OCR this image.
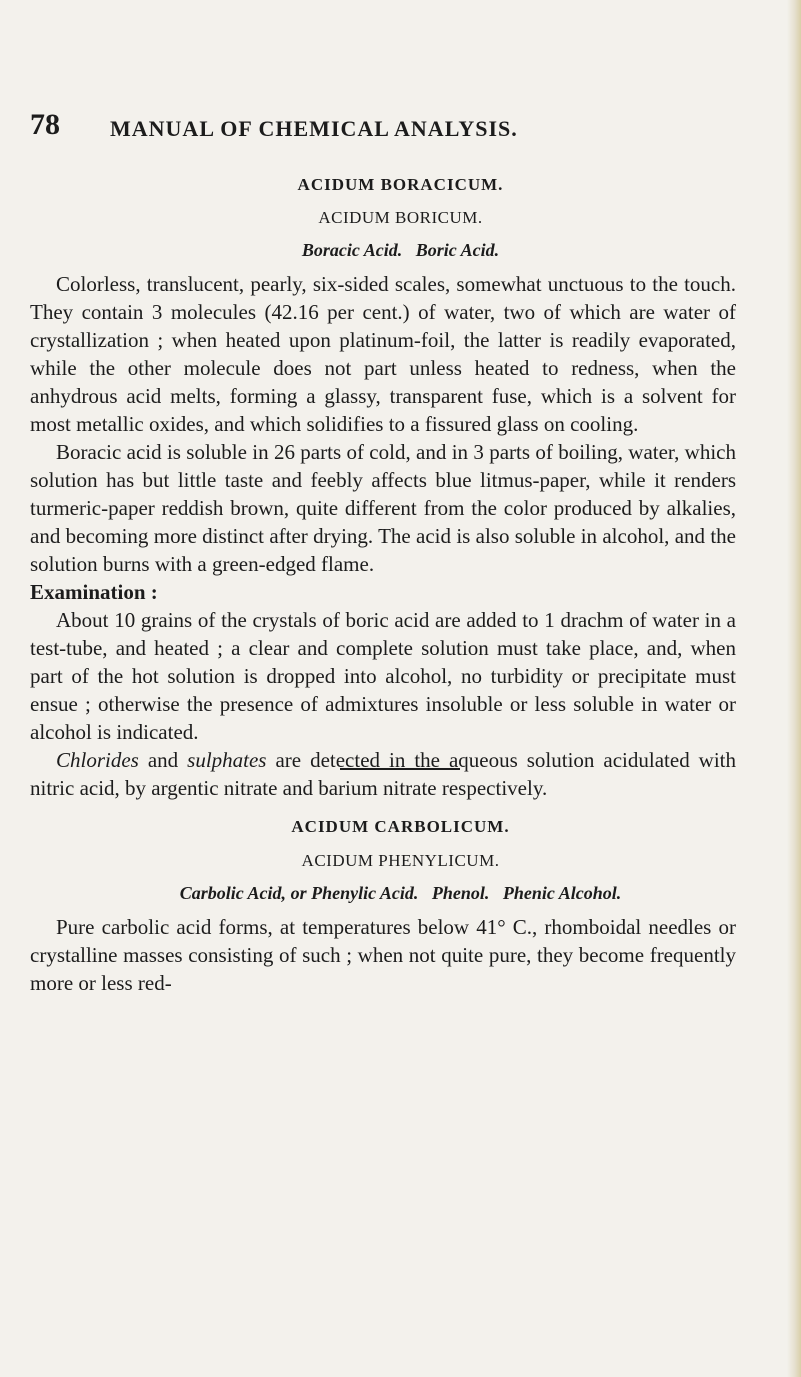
78 MANUAL OF CHEMICAL ANALYSIS.
ACIDUM BORACICUM.
ACIDUM BORICUM.
Boracic Acid. Boric Acid.

Colorless, translucent, pearly, six-sided scales, somewhat unctuous to the touch. They contain 3 molecules (42.16 per cent.) of water, two of which are water of crystallization ; when heated upon platinum-foil, the latter is readily evaporated, while the other molecule does not part unless heated to redness, when the anhydrous acid melts, forming a glassy, transparent fuse, which is a solvent for most metallic oxides, and which solidifies to a fissured glass on cooling.

Boracic acid is soluble in 26 parts of cold, and in 3 parts of boiling, water, which solution has but little taste and feebly affects blue litmus-paper, while it renders turmeric-paper reddish brown, quite different from the color produced by alkalies, and becoming more distinct after drying. The acid is also soluble in alcohol, and the solution burns with a green-edged flame.

Examination :

About 10 grains of the crystals of boric acid are added to 1 drachm of water in a test-tube, and heated ; a clear and complete solution must take place, and, when part of the hot solution is dropped into alcohol, no turbidity or precipitate must ensue ; otherwise the presence of admixtures insoluble or less soluble in water or alcohol is indicated.

Chlorides and sulphates are detected in the aqueous solution acidulated with nitric acid, by argentic nitrate and barium nitrate respectively.

ACIDUM CARBOLICUM.
ACIDUM PHENYLICUM.
Carbolic Acid, or Phenylic Acid. Phenol. Phenic Alcohol.

Pure carbolic acid forms, at temperatures below 41° C., rhomboidal needles or crystalline masses consisting of such ; when not quite pure, they become frequently more or less red-
